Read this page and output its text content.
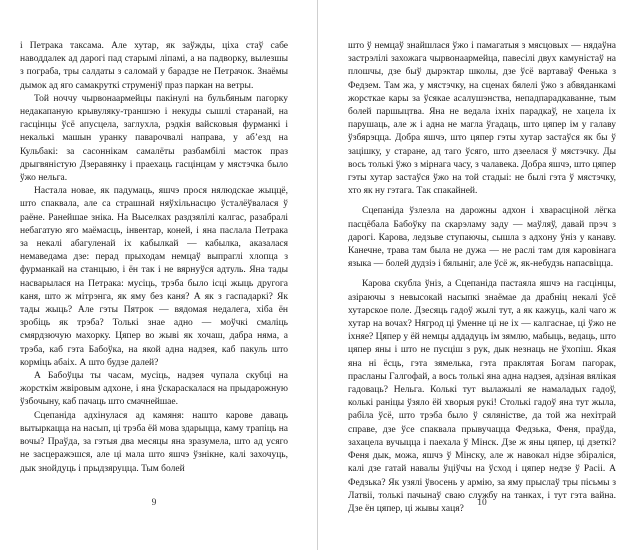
і Петрака таксама. Але хутар, як заўжды, ціха стаў сабе наводдалек ад дарогі пад старымі ліпамі, а на падворку, вылезшы з пограба, тры салдаты з саломай у барадзе не Петрачок. Знаёмы дымок ад яго самакруткі струменіў праз паркан на ветры.

Той ноччу чырвонаармейцы пакінулі на бульбяным пагорку недакапаную крывуляку-траншэю і некуды сышлі старанай, на гасцінцы ўсё апусцела, заглухла, рэдкія вайсковыя фурманкі і некалькі машын уранку паварочвалі направа, у абʼезд на Кульбакі: за сасоннікам самалёты разбамбілі масток праз дрыгвяністую Дзеравянку і праехаць гасцінцам у мястэчка было ўжо нельга.

Настала новае, як падумаць, яшчэ прося нялюдскае жыццё, што спаквала, але са страшнай няўхільнасцю ўсталёўвалася ў раёне. Ранейшае зніка. На Выселках раздзялілі калгас, разабралі небагатую яго маёмасць, інвентар, коней, і яна паслала Петрака за некалі абагуленай іх кабылкай — кабылка, аказалася немаведама дзе: перад прыходам немцаў выпраглі хлопца з фурманкай на станцыю, і ён так і не вярнуўся адтуль. Яна тады насварылася на Петрака: мусіць, трэба было ісці жыць другога каня, што ж мітрэнга, як яму без каня? А як з гаспадаркі? Як тады жыць? Але гэты Пятрок — вядомая недалега, хіба ён зробіць як трэба? Толькі знае адно — моўчкі смаліць смярдзючую махорку. Цяпер во жыві як хочаш, дабра няма, а трэба, каб гэта Бабоўка, на якой адна надзея, каб пакуль што корміць абаіх. А што будзе далей?

А Бабоўцы ты часам, мусіць, надзея чупала скубці на жорсткім жвіровым адхоне, і яна ўскараскалася на прыдарожную ўзбочыну, каб пачаць што смачнейшае.

Сцепаніда адхінулася ад камяня: нашто карове даваць вытыркацца на насып, ці трэба ёй мова здарыцца, каму трапіць на вочы? Праўда, за гэтыя два месяцы яна зразумела, што ад усяго не засцеражэшся, але ці мала што яшчэ ўзнікне, калі захочуць, дык знойдуць і прыдзяруцца. Тым болей

9

што ў немцаў знайшлася ўжо і памагатыя з мясцовых — нядаўна застрэлілі захожага чырвонаармейца, павесілі двух камуністаў на плошчы, дзе быў дырэктар школы, дзе ўсё вартаваў Фенька з Федзем. Там жа, у мястэчку, на сценах бялелі ўжо з абвяданкамі жорсткае кары за ўсякае асалушэнства, непадпарадкаванне, тым болей паршыцтва. Яна не ведала іхніх парадкаў, не хацела іх парушаць, але ж і адна не магла ўгадаць, што цяпер ім у галаву ўзбярэцца. Добра яшчэ, што цяпер гэты хутар застаўся як бы ў зацішку, у старане, ад таго ўсяго, што дзеелася ў мястэчку. Ды вось толькі ўжо з мірнага часу, з чалавека. Добра яшчэ, што цяпер гэты хутар застаўся ўжо на той стадыі: не былі гэта ў мястэчку, хто як ну гэтага. Так спакайней.

Сцепаніда ўзлезла на дарожны адхон і хварасціной лёгка пасцёбала Бабоўку па скарэламу заду — маўляў, давай прэч з дарогі. Карова, ледзьве ступаючы, сышла з адхону ўніз у канаву. Канечне, трава там была не дужа — не раслі там для каровінага языка — болей дудзіэ і бялыніг, але ўсё ж, як-небудзь напасвіцца.

Карова скубла ўніз, а Сцепаніда пастаяла яшчэ на гасцінцы, азіраючы з невысокай насыпкі знаёмае да драбніц некалі ўсё хутарское поле. Дзесяць гадоў жылі тут, а як кажуць, калі чаго ж хутар на вочах? Нягрод ці ўменне ці не іх — калгаснае, ці ўжо не іхняе? Цяпер у ёй немцы аддадуць ім зямлю, мабыць, ведаць, што цяпер яны і што не пусціш з рук, дык незнаць не ўхопіш. Якая яна ні ёсць, гэта зямелька, гэта праклятая Богам пагорак, прасланы Галгофай, а вось толькі яна адна надзея, адзіная вялікая гадоваць? Нельга. Колькі тут вылажылі яе намаладых гадоў, колькі раніцы ўзяло ёй хворыя рукі! Столькі гадоў яна тут жыла, рабіла ўсё, што трэба было ў сяляністве, да той жа нехітрай справе, дзе ўсе спаквала прывучацца Федзька, Феня, праўда, захацела вучыцца і паехала ў Мінск. Дзе ж яны цяпер, ці дзеткі? Феня дык, можа, яшчэ ў Мінску, але ж навокал нідзе збіраліся, калі дзе гатай навалы ўціўчы на ўсход і цяпер недзе ў Расіі. А Федзька? Як узялі ўвосень у армію, за яму прыслаў тры пісьмы з Латвіі, толькі пачынаў сваю службу на танках, і тут гэта вайна. Дзе ён цяпер, ці жывы хаця?

10
